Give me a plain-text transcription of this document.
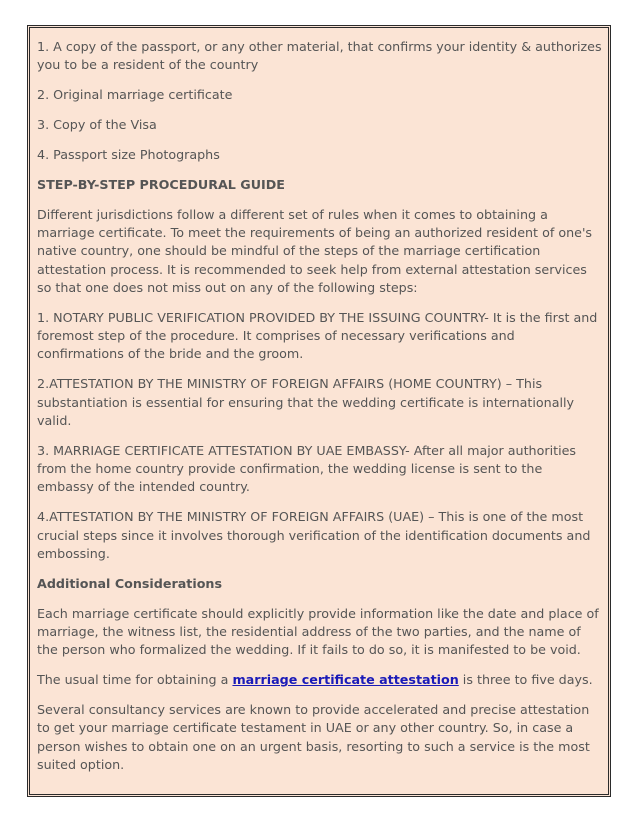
1. A copy of the passport, or any other material, that confirms your identity & authorizes you to be a resident of the country

2. Original marriage certificate

3. Copy of the Visa

4. Passport size Photographs

STEP-BY-STEP PROCEDURAL GUIDE

Different jurisdictions follow a different set of rules when it comes to obtaining a marriage certificate. To meet the requirements of being an authorized resident of one's native country, one should be mindful of the steps of the marriage certification attestation process. It is recommended to seek help from external attestation services so that one does not miss out on any of the following steps:

1. NOTARY PUBLIC VERIFICATION PROVIDED BY THE ISSUING COUNTRY- It is the first and foremost step of the procedure. It comprises of necessary verifications and confirmations of the bride and the groom.

2.ATTESTATION BY THE MINISTRY OF FOREIGN AFFAIRS (HOME COUNTRY) – This substantiation is essential for ensuring that the wedding certificate is internationally valid.

3. MARRIAGE CERTIFICATE ATTESTATION BY UAE EMBASSY- After all major authorities from the home country provide confirmation, the wedding license is sent to the embassy of the intended country.

4.ATTESTATION BY THE MINISTRY OF FOREIGN AFFAIRS (UAE) – This is one of the most crucial steps since it involves thorough verification of the identification documents and embossing.

Additional Considerations

Each marriage certificate should explicitly provide information like the date and place of marriage, the witness list, the residential address of the two parties, and the name of the person who formalized the wedding. If it fails to do so, it is manifested to be void.

The usual time for obtaining a marriage certificate attestation is three to five days.

Several consultancy services are known to provide accelerated and precise attestation to get your marriage certificate testament in UAE or any other country. So, in case a person wishes to obtain one on an urgent basis, resorting to such a service is the most suited option.
